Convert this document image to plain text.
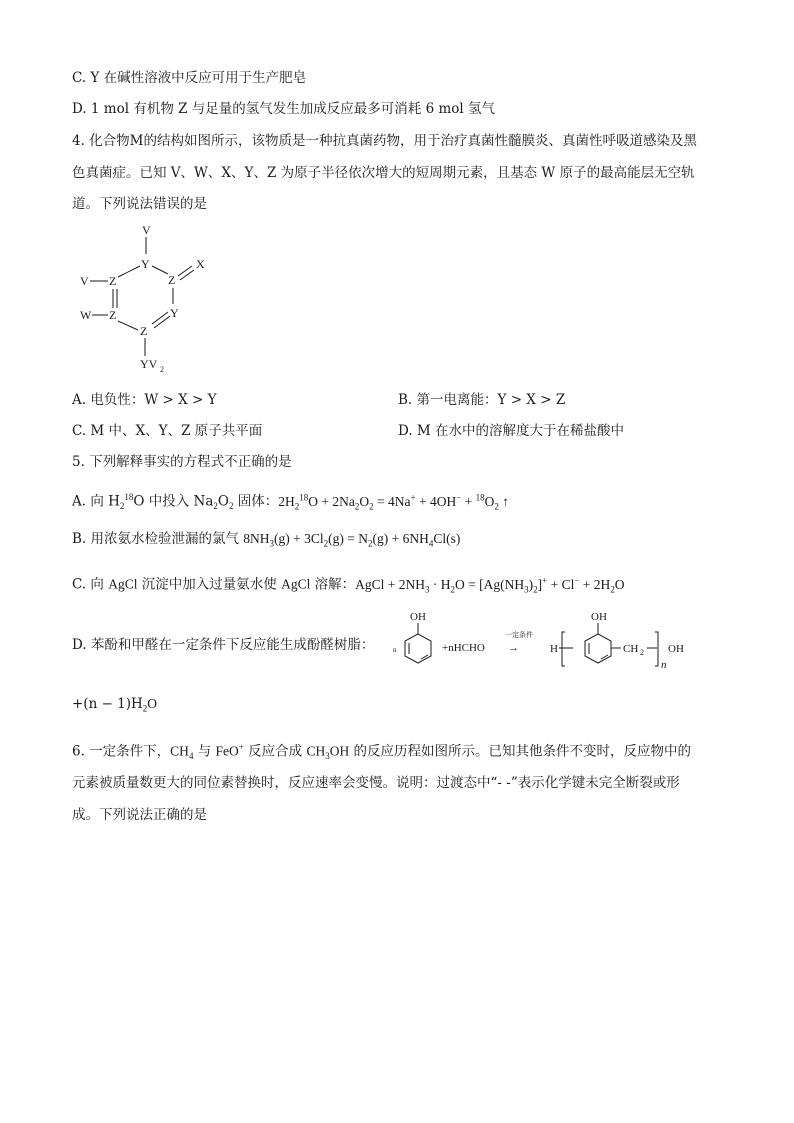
C. Y 在碱性溶液中反应可用于生产肥皂
D. 1 mol 有机物 Z 与足量的氢气发生加成反应最多可消耗 6 mol 氢气
4. 化合物M的结构如图所示，该物质是一种抗真菌药物，用于治疗真菌性髓膜炎、真菌性呼吸道感染及黑
色真菌症。已知 V、W、X、Y、Z 为原子半径依次增大的短周期元素，且基态 W 原子的最高能层无空轨
道。下列说法错误的是
V
Y
Z
X
V Z
W Z	Y
Z
YV 2
A. 电负性：W > X > Y	B. 第一电离能：Y > X > Z
C. M 中、X、Y、Z 原子共平面	D. M 在水中的溶解度大于在稀盐酸中
5. 下列解释事实的方程式不正确的是
A. 向 $H_2^{18}O$ 中投入 $Na_2O_2$ 固体：$2H_2^{18}O + 2Na_2O_2 = 4Na^+ + 4OH^- + ^{18}O_2$ ↑
B. 用浓氨水检验泄漏的氯气 $8NH_3(g) + 3Cl_2(g) = N_2(g) + 6NH_4Cl(s)$
C. 向 AgCl 沉淀中加入过量氨水使 AgCl 溶解：AgCl + $2NH_3 \cdot H_2O = [Ag(NH_3)_2]^+ + Cl^- + 2H_2O$
D. 苯酚和甲醛在一定条件下反应能生成酚醛树脂：
OH
n	+nHCHO
一定条件
→	H
OH
CH 2
n
OH
$+(n - 1)H_2O$
6. 一定条件下，$CH_4$ 与 FeO+ 反应合成 $CH_3OH$ 的反应历程如图所示。已知其他条件不变时，反应物中的
元素被质量数更大的同位素替换时，反应速率会变慢。说明：过渡态中“- -”表示化学键未完全断裂或形
成。下列说法正确的是
